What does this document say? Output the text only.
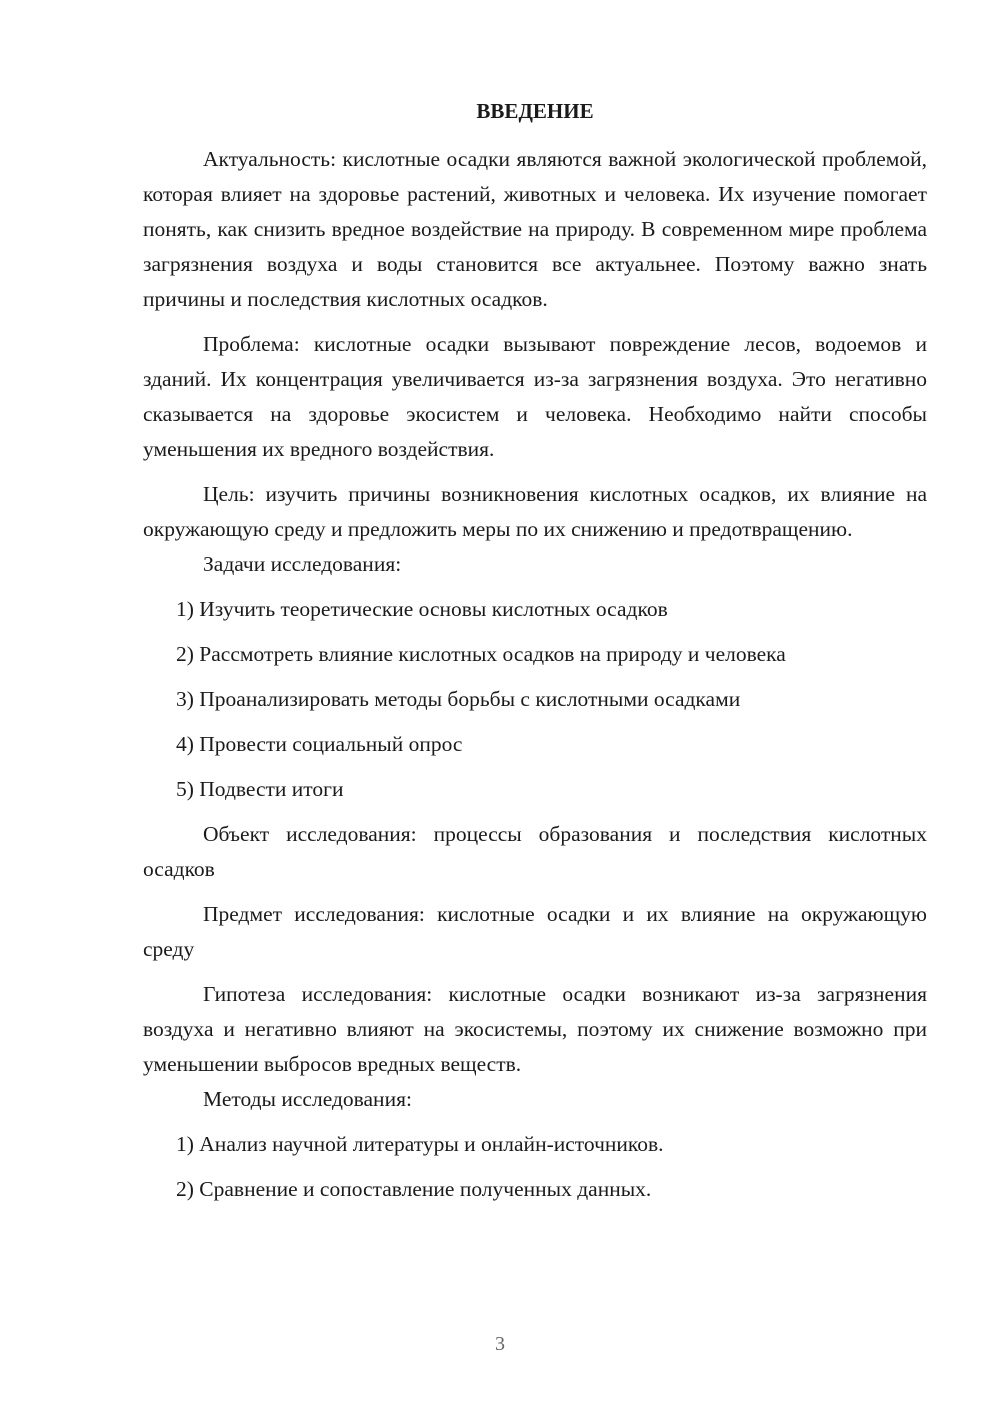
ВВЕДЕНИЕ

Актуальность: кислотные осадки являются важной экологической проблемой, которая влияет на здоровье растений, животных и человека. Их изучение помогает понять, как снизить вредное воздействие на природу. В современном мире проблема загрязнения воздуха и воды становится все актуальнее. Поэтому важно знать причины и последствия кислотных осадков.

Проблема: кислотные осадки вызывают повреждение лесов, водоемов и зданий. Их концентрация увеличивается из-за загрязнения воздуха. Это негативно сказывается на здоровье экосистем и человека. Необходимо найти способы уменьшения их вредного воздействия.

Цель: изучить причины возникновения кислотных осадков, их влияние на окружающую среду и предложить меры по их снижению и предотвращению.

Задачи исследования:

1) Изучить теоретические основы кислотных осадков

2) Рассмотреть влияние кислотных осадков на природу и человека

3) Проанализировать методы борьбы с кислотными осадками

4) Провести социальный опрос

5) Подвести итоги

Объект исследования: процессы образования и последствия кислотных осадков

Предмет исследования: кислотные осадки и их влияние на окружающую среду

Гипотеза исследования: кислотные осадки возникают из-за загрязнения воздуха и негативно влияют на экосистемы, поэтому их снижение возможно при уменьшении выбросов вредных веществ.

Методы исследования:

1) Анализ научной литературы и онлайн-источников.

2) Сравнение и сопоставление полученных данных.

3
